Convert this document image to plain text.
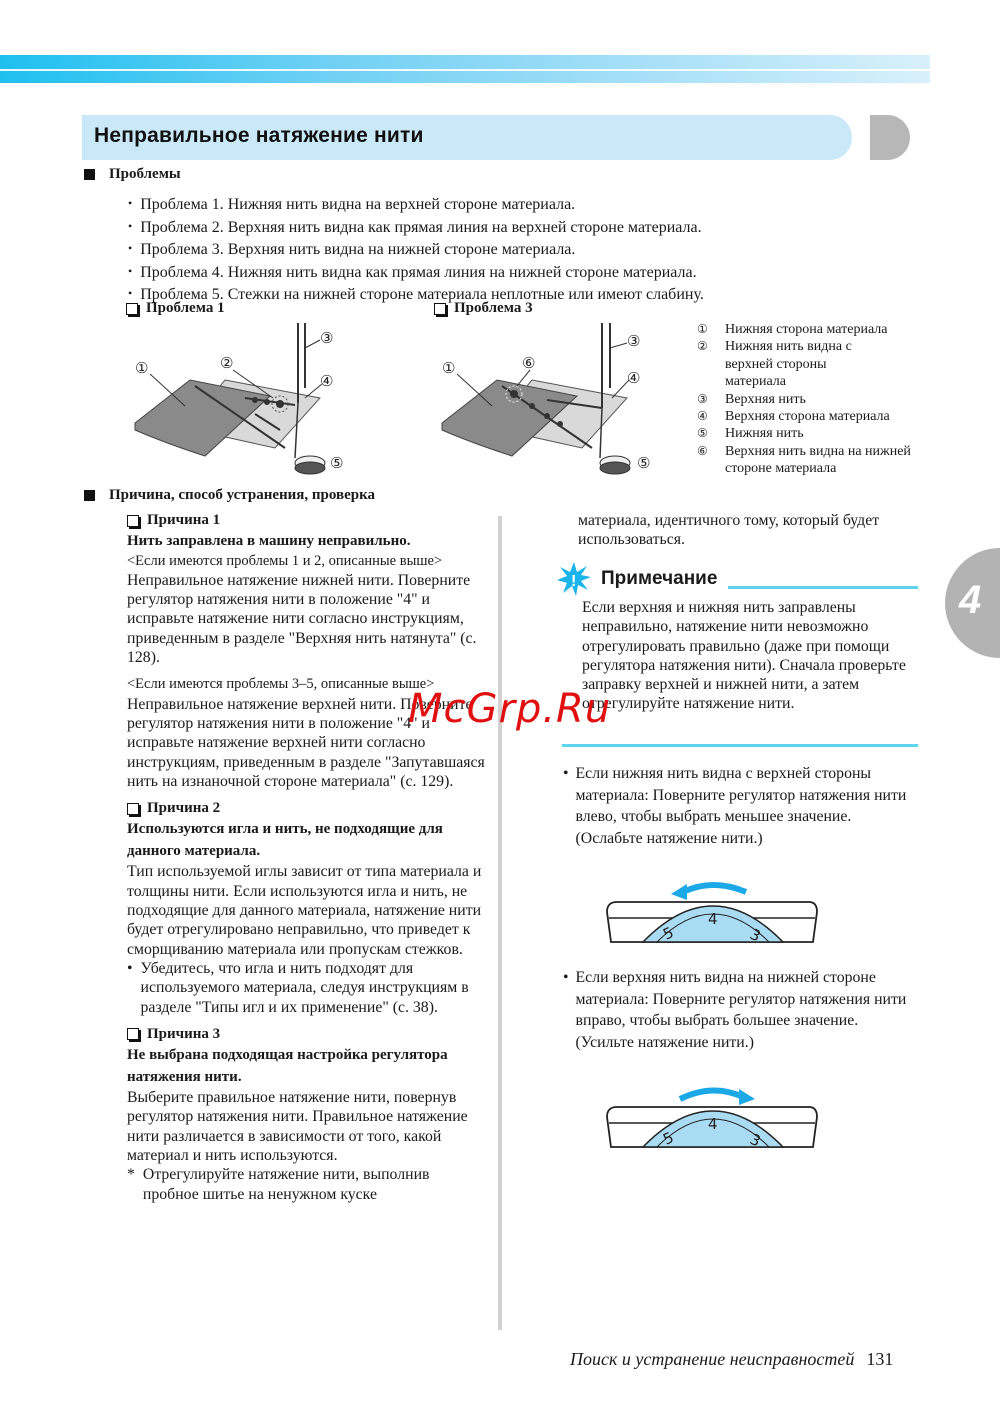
Неправильное натяжение нити
Проблемы
• Проблема 1. Нижняя нить видна на верхней стороне материала.
• Проблема 2. Верхняя нить видна как прямая линия на верхней стороне материала.
• Проблема 3. Верхняя нить видна на нижней стороне материала.
• Проблема 4. Нижняя нить видна как прямая линия на нижней стороне материала.
• Проблема 5. Стежки на нижней стороне материала неплотные или имеют слабину.
Проблема 1	Проблема 3
①	②
③
④
⑤
①	⑥
③
④
⑤
①	Нижняя сторона материала
②	Нижняя нить видна с верхней стороны материала
③	Верхняя нить
④	Верхняя сторона материала
⑤	Нижняя нить
⑥	Верхняя нить видна на нижней стороне материала
Причина, способ устранения, проверка
Причина 1
Нить заправлена в машину неправильно.
<Если имеются проблемы 1 и 2, описанные выше>
Неправильное натяжение нижней нити. Поверните регулятор натяжения нити в положение "4" и исправьте натяжение нити согласно инструкциям, приведенным в разделе "Верхняя нить натянута" (с. 128).
<Если имеются проблемы 3–5, описанные выше>
Неправильное натяжение верхней нити. Поверните регулятор натяжения нити в положение "4" и исправьте натяжение верхней нити согласно инструкциям, приведенным в разделе "Запутавшаяся нить на изнаночной стороне материала" (с. 129).
Причина 2
Используются игла и нить, не подходящие для данного материала.
Тип используемой иглы зависит от типа материала и толщины нити. Если используются игла и нить, не подходящие для данного материала, натяжение нити будет отрегулировано неправильно, что приведет к сморщиванию материала или пропускам стежков.
• Убедитесь, что игла и нить подходят для используемого материала, следуя инструкциям в разделе "Типы игл и их применение" (с. 38).
Причина 3
Не выбрана подходящая настройка регулятора натяжения нити.
Выберите правильное натяжение нити, повернув регулятор натяжения нити. Правильное натяжение нити различается в зависимости от того, какой материал и нить используются.
* Отрегулируйте натяжение нити, выполнив пробное шитье на ненужном куске
материала, идентичного тому, который будет использоваться.
! Примечание
Если верхняя и нижняя нить заправлены неправильно, натяжение нити невозможно отрегулировать правильно (даже при помощи регулятора натяжения нити). Сначала проверьте заправку верхней и нижней нити, а затем отрегулируйте натяжение нити.
• Если нижняя нить видна с верхней стороны материала: Поверните регулятор натяжения нити влево, чтобы выбрать меньшее значение. (Ослабьте натяжение нити.)
5
4
3
• Если верхняя нить видна на нижней стороне материала: Поверните регулятор натяжения нити вправо, чтобы выбрать большее значение. (Усильте натяжение нити.)
5
4
3
4
Поиск и устранение неисправностей 131
McGrp.Ru
